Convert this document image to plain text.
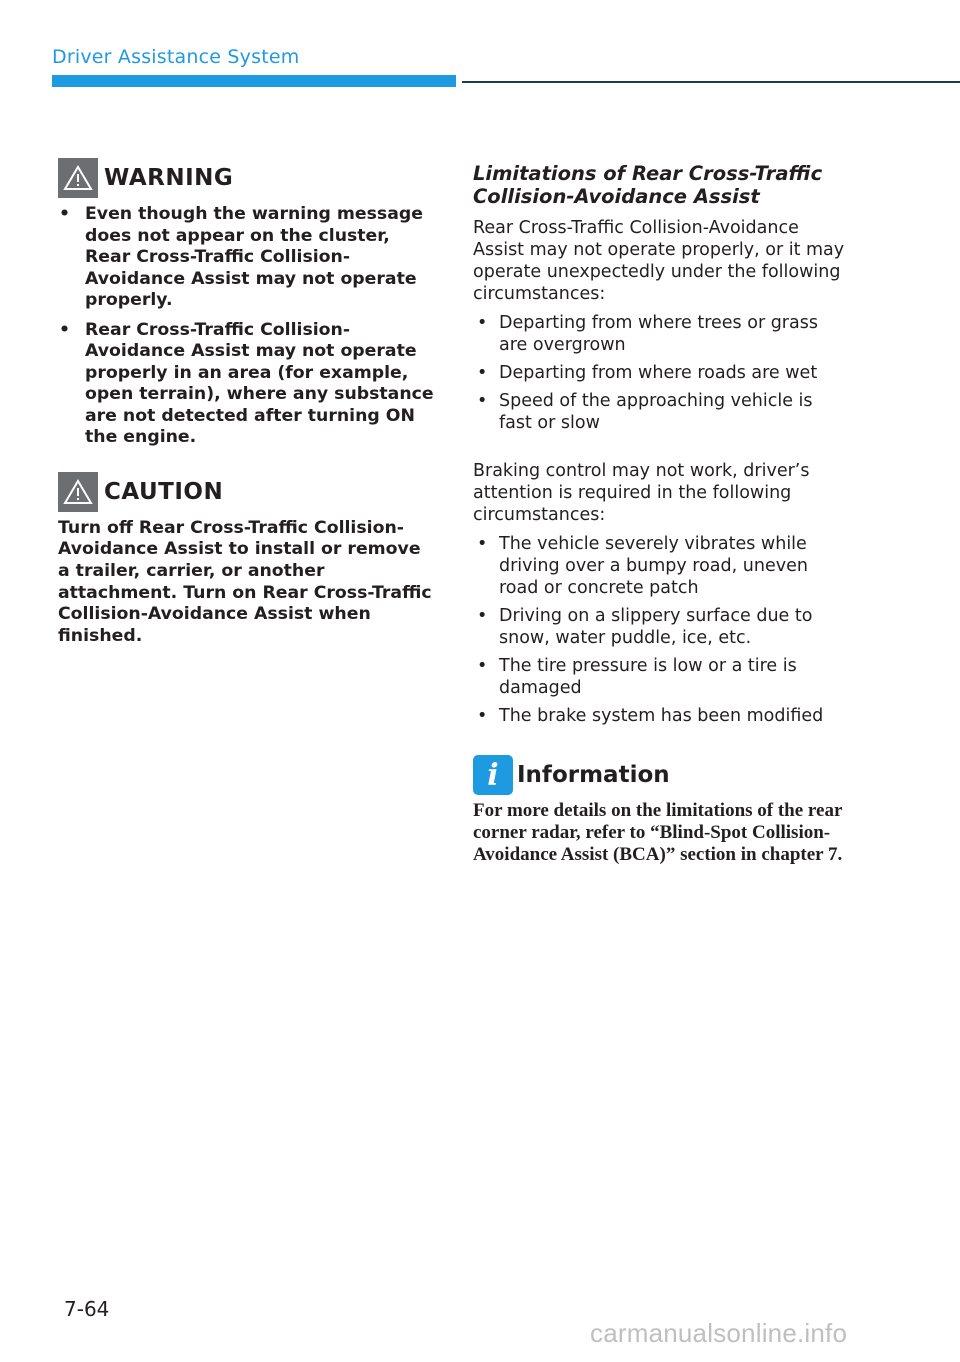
Driver Assistance System
WARNING
• Even though the warning message does not appear on the cluster, Rear Cross-Traffic Collision-Avoidance Assist may not operate properly.
• Rear Cross-Traffic Collision-Avoidance Assist may not operate properly in an area (for example, open terrain), where any substance are not detected after turning ON the engine.
CAUTION

Turn off Rear Cross-Traffic Collision-Avoidance Assist to install or remove a trailer, carrier, or another attachment. Turn on Rear Cross-Traffic Collision-Avoidance Assist when finished.

Limitations of Rear Cross-Traffic Collision-Avoidance Assist

Rear Cross-Traffic Collision-Avoidance Assist may not operate properly, or it may operate unexpectedly under the following circumstances:

• Departing from where trees or grass are overgrown
• Departing from where roads are wet
• Speed of the approaching vehicle is fast or slow

Braking control may not work, driver’s attention is required in the following circumstances:

• The vehicle severely vibrates while driving over a bumpy road, uneven road or concrete patch
• Driving on a slippery surface due to snow, water puddle, ice, etc.
• The tire pressure is low or a tire is damaged
• The brake system has been modified
i Information

For more details on the limitations of the rear corner radar, refer to “Blind-Spot Collision-Avoidance Assist (BCA)” section in chapter 7.

7-64
carmanualsonline.info
